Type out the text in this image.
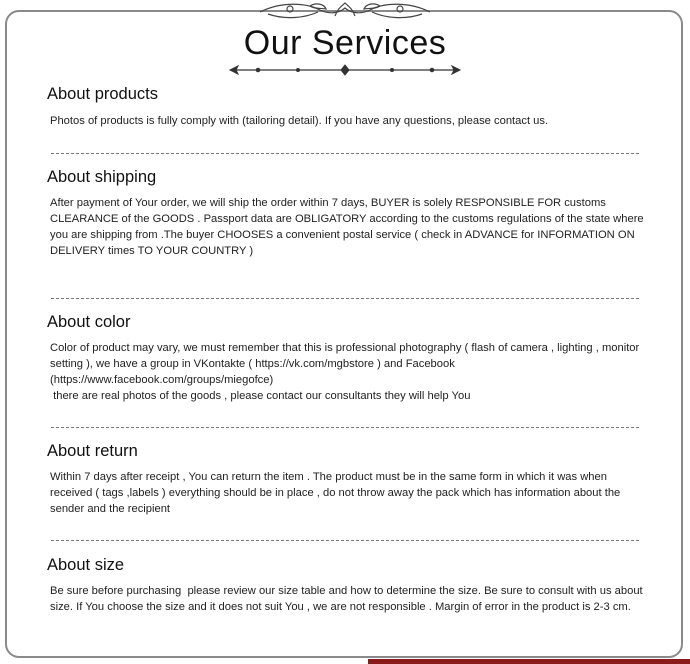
Our Services
About products

Photos of products is fully comply with (tailoring detail). If you have any questions, please contact us.

About shipping

After payment of Your order, we will ship the order within 7 days, BUYER is solely RESPONSIBLE FOR customs
CLEARANCE of the GOODS . Passport data are OBLIGATORY according to the customs regulations of the state where
you are shipping from .The buyer CHOOSES a convenient postal service ( check in ADVANCE for INFORMATION ON
DELIVERY times TO YOUR COUNTRY )

About color

Color of product may vary, we must remember that this is professional photography ( flash of camera , lighting , monitor
setting ), we have a group in VKontakte ( https://vk.com/mgbstore ) and Facebook
(https://www.facebook.com/groups/miegofce)
there are real photos of the goods , please contact our consultants they will help You

About return

Within 7 days after receipt , You can return the item . The product must be in the same form in which it was when
received ( tags ,labels ) everything should be in place , do not throw away the pack which has information about the
sender and the recipient

About size

Be sure before purchasing  please review our size table and how to determine the size. Be sure to consult with us about
size. If You choose the size and it does not suit You , we are not responsible . Margin of error in the product is 2-3 cm.
